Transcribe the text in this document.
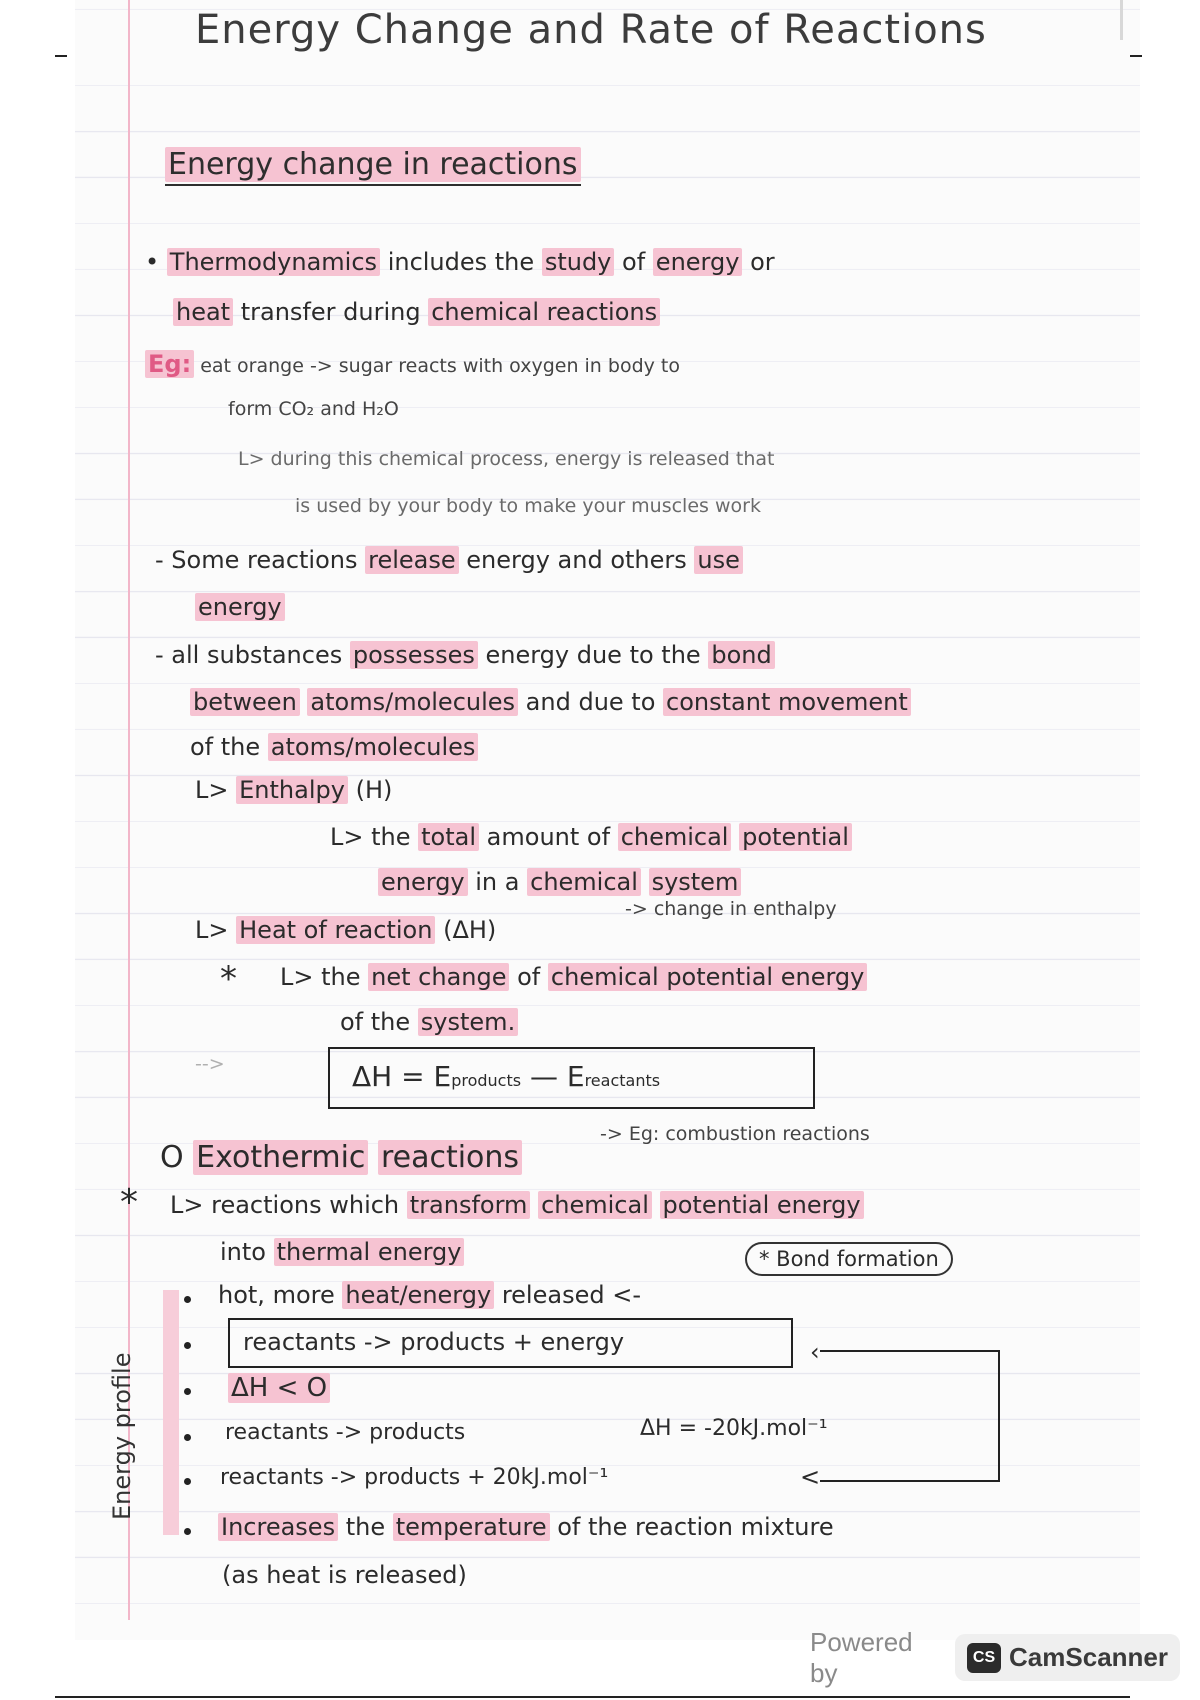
Energy Change and Rate of Reactions
Energy change in reactions
• Thermodynamics includes the study of energy or
heat transfer during chemical reactions
Eg: eat orange -> sugar reacts with oxygen in body to
form CO₂ and H₂O
L> during this chemical process, energy is released that
is used by your body to make your muscles work
- Some reactions release energy and others use
energy
- all substances possesses energy due to the bond
between atoms/molecules and due to constant movement
of the atoms/molecules
L> Enthalpy (H)
L> the total amount of chemical potential
energy in a chemical system
L> Heat of reaction (ΔH)
-> change in enthalpy
* L> the net change of chemical potential energy
of the system.
-->	ΔH = Eproducts — Ereactants
O Exothermic reactions
-> Eg: combustion reactions
* L> reactions which transform chemical potential energy
into thermal energy	* Bond formation
Energy profile
hot, more heat/energy released <-
reactants -> products + energy
ΔH < O
reactants -> products	ΔH = -20kJ.mol⁻¹
reactants -> products + 20kJ.mol⁻¹	<
‹
Increases the temperature of the reaction mixture
(as heat is released)
Powered by
CS CamScanner
